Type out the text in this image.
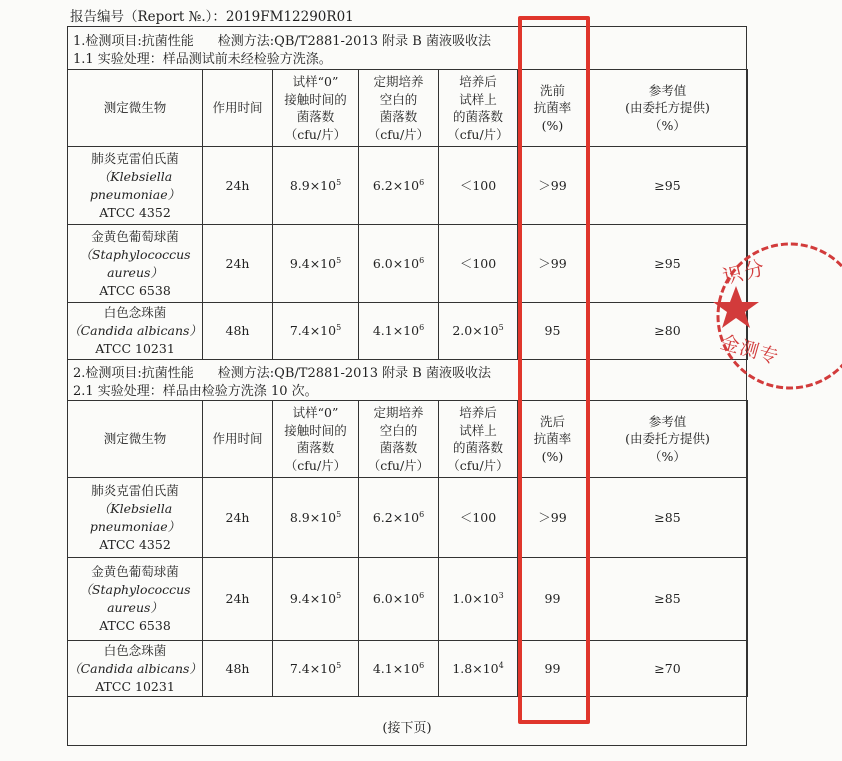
报告编号（Report №.）：2019FM12290R01
1.检测项目:抗菌性能 检测方法:QB/T2881-2013 附录 B 菌液吸收法
1.1 实验处理：样品测试前未经检验方洗涤。
测定微生物	作用时间	试样“0”
接触时间的
菌落数
（cfu/片）	定期培养
空白的
菌落数
（cfu/片）	培养后
试样上
的菌落数
（cfu/片）	洗前
抗菌率
(%)	参考值
(由委托方提供)
（%）
肺炎克雷伯氏菌
（Klebsiella
pneumoniae）
ATCC 4352	24h	$8.9\times 10^5$	$6.2\times 10^6$	＜100	＞99	≥95
金黄色葡萄球菌
（Staphylococcus
aureus）
ATCC 6538	24h	$9.4\times 10^5$	$6.0\times 10^6$	＜100	＞99	≥95
白色念珠菌
（Candida albicans）
ATCC 10231	48h	$7.4\times 10^5$	$4.1\times 10^6$	$2.0\times 10^5$	95	≥80
2.检测项目:抗菌性能 检测方法:QB/T2881-2013 附录 B 菌液吸收法
2.1 实验处理：样品由检验方洗涤 10 次。
测定微生物	作用时间	试样“0”
接触时间的
菌落数
（cfu/片）	定期培养
空白的
菌落数
（cfu/片）	培养后
试样上
的菌落数
（cfu/片）	洗后
抗菌率
(%)	参考值
(由委托方提供)
（%）
肺炎克雷伯氏菌
（Klebsiella
pneumoniae）
ATCC 4352	24h	$8.9\times 10^5$	$6.2\times 10^6$	＜100	＞99	≥85
金黄色葡萄球菌
（Staphylococcus
aureus）
ATCC 6538	24h	$9.4\times 10^5$	$6.0\times 10^6$	$1.0\times 10^3$	99	≥85
白色念珠菌
（Candida albicans）
ATCC 10231	48h	$7.4\times 10^5$	$4.1\times 10^6$	$1.8\times 10^4$	99	≥70
(接下页)
识分
金测专
